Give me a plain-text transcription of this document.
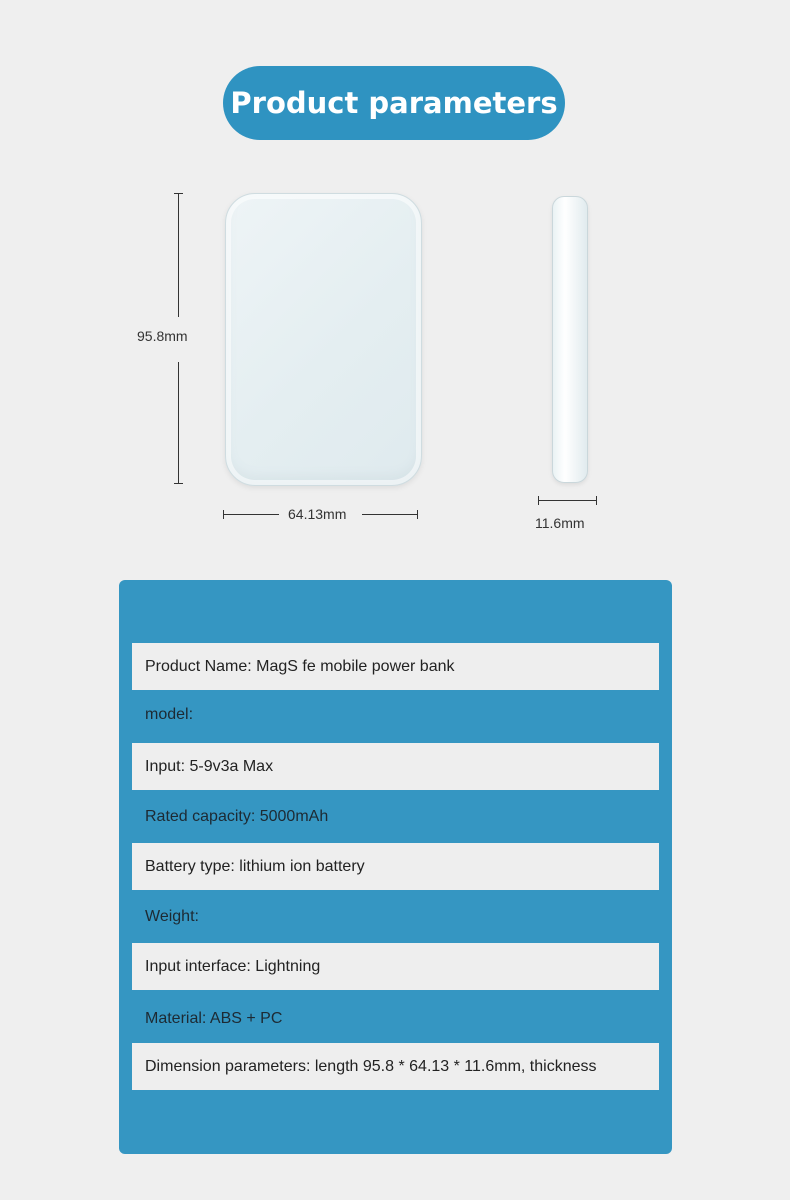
Product parameters
95.8mm
64.13mm
11.6mm
Product Name: MagS fe mobile power bank
model:
Input: 5-9v3a Max
Rated capacity: 5000mAh
Battery type: lithium ion battery
Weight:
Input interface: Lightning
Material: ABS + PC
Dimension parameters: length 95.8 * 64.13 * 11.6mm, thickness
